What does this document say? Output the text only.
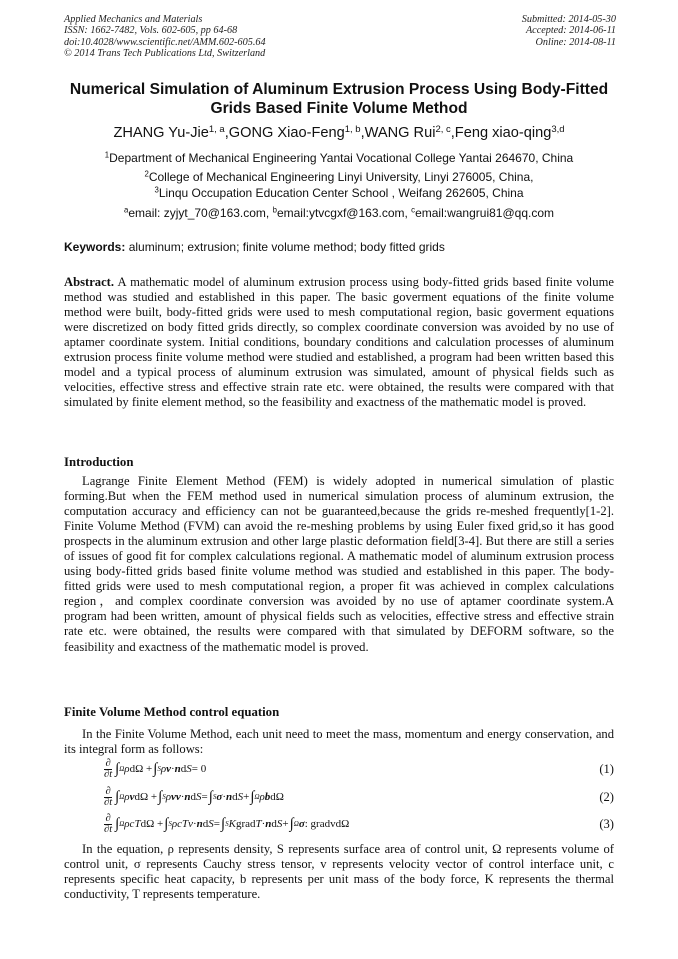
Applied Mechanics and Materials
ISSN: 1662-7482, Vols. 602-605, pp 64-68
doi:10.4028/www.scientific.net/AMM.602-605.64
© 2014 Trans Tech Publications Ltd, Switzerland
Submitted: 2014-05-30
Accepted: 2014-06-11
Online: 2014-08-11
Numerical Simulation of Aluminum Extrusion Process Using Body-Fitted
Grids Based Finite Volume Method
ZHANG Yu-Jie$^{1, a}$,GONG Xiao-Feng$^{1, b}$,WANG Rui$^{2, c}$,Feng xiao-qing$^{3,d}$
$^1$Department of Mechanical Engineering Yantai Vocational College Yantai 264670, China
$^2$College of Mechanical Engineering Linyi University, Linyi 276005, China,
$^3$Linqu Occupation Education Center School , Weifang 262605, China
$^a$email: zyjyt_70@163.com, $^b$email:ytvcgxf@163.com, $^c$email:wangrui81@qq.com
Keywords: aluminum; extrusion; finite volume method; body fitted grids
Abstract. A mathematic model of aluminum extrusion process using body-fitted grids based finite volume method was studied and established in this paper. The basic goverment equations of the finite volume method were built, body-fitted grids were used to mesh computational region, basic goverment equations were discretized on body fitted grids directly, so complex coordinate conversion was avoided by no use of aptamer coordinate system. Initial conditions, boundary conditions and calculation processes of aluminum extrusion process finite volume method were studied and established, a program had been written based this model and a typical process of aluminum extrusion was simulated, amount of physical fields such as velocities, effective stress and effective strain rate etc. were obtained, the results were compared with that simulated by finite element method, so the feasibility and exactness of the mathematic model is proved.
Introduction
Lagrange Finite Element Method (FEM) is widely adopted in numerical simulation of plastic forming.But when the FEM method used in numerical simulation process of aluminum extrusion, the computation accuracy and efficiency can not be guaranteed,because the grids re-meshed frequently[1-2]. Finite Volume Method (FVM) can avoid the re-meshing problems by using Euler fixed grid,so it has good prospects in the aluminum extrusion and other large plastic deformation field[3-4]. But there are still a series of issues of good fit for complex calculations regional. A mathematic model of aluminum extrusion process using body-fitted grids based finite volume method was studied and established in this paper. The body-fitted grids were used to mesh computational region, a proper fit was achieved in complex calculations region，and complex coordinate conversion was avoided by no use of aptamer coordinate system.A program had been written, amount of physical fields such as velocities, effective stress and effective strain rate etc. were obtained, the results were compared with that simulated by DEFORM software, so the feasibility and exactness of the mathematic model is proved.
Finite Volume Method control equation
In the Finite Volume Method, each unit need to meet the mass, momentum and energy conservation, and its integral form as follows:
$\frac{\partial}{\partial t}$ ∫ Ω ρ dΩ + ∫ S ρ v · n d S = 0	(1)
$\frac{\partial}{\partial t}$ ∫ Ω ρ v dΩ + ∫ S ρ vv · n d S = ∫ S σ · n d S + ∫ Ω ρ b dΩ	(2)
$\frac{\partial}{\partial t}$ ∫ Ω ρcT dΩ + ∫ S ρcTv · n d S = ∫ S K grad T · n d S + ∫ Ω σ : gradvdΩ	(3)
In the equation, ρ represents density, S represents surface area of control unit, Ω represents volume of control unit, σ represents Cauchy stress tensor, v represents velocity vector of control interface unit, c represents specific heat capacity, b represents per unit mass of the body force, K represents the thermal conductivity, T represents temperature.
